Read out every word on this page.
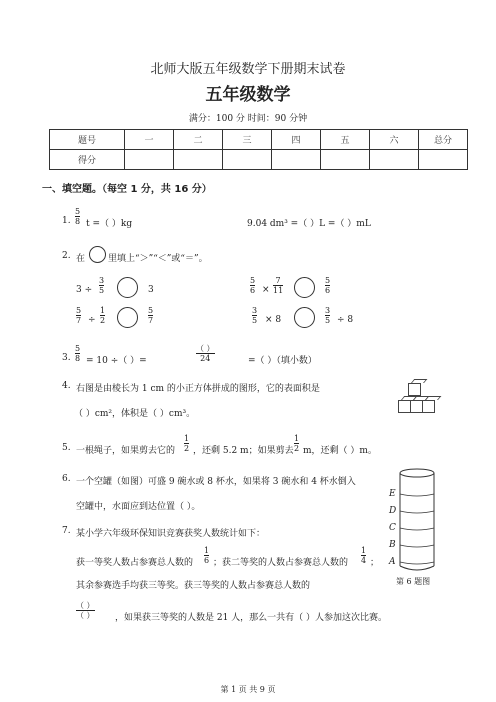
北师大版五年级数学下册期末试卷
五年级数学
满分：100 分 时间：90 分钟
题号	一	二	三	四	五	六	总分
得分							
一、填空题。（每空 1 分，共 16 分）
1. $\frac{5}{8}$ t =（ ）kg	9.04 dm³ =（ ）L =（ ）mL
2. 在	里填上“＞”“＜”或“＝”。
$3 \div \frac{3}{5}$	3	$\frac{5}{6} \times \frac{7}{11}$	$\frac{5}{6}$
$\frac{5}{7} \div \frac{1}{2}$	$\frac{5}{7}$	$\frac{3}{5} \times 8$	$\frac{3}{5} \div 8$
3. $\frac{5}{8} = 10$ ÷（ ）=
（ ）
24	=（ ）（填小数）
4. 右图是由棱长为 1 cm 的小正方体拼成的图形，它的表面积是
（ ）cm²，体积是（ ）cm³。
5. 一根绳子，如果剪去它的 $\frac{1}{2}$ ，还剩 5.2 m；如果剪去 $\frac{1}{2}$ m，还剩（ ）m。
6. 一个空罐（如图）可盛 9 碗水或 8 杯水，如果将 3 碗水和 4 杯水倒入
空罐中，水面应到达位置（ ）。
E
D
C
B
A
第 6 题图
7. 某小学六年级环保知识竞赛获奖人数统计如下：
获一等奖人数占参赛总人数的 $\frac{1}{6}$ ；获二等奖的人数占参赛总人数的 $\frac{1}{4}$ ；
其余参赛选手均获三等奖。获三等奖的人数占参赛总人数的
（ ）
（ ） ，如果获三等奖的人数是 21 人，那么一共有（ ）人参加这次比赛。
第 1 页 共 9 页
